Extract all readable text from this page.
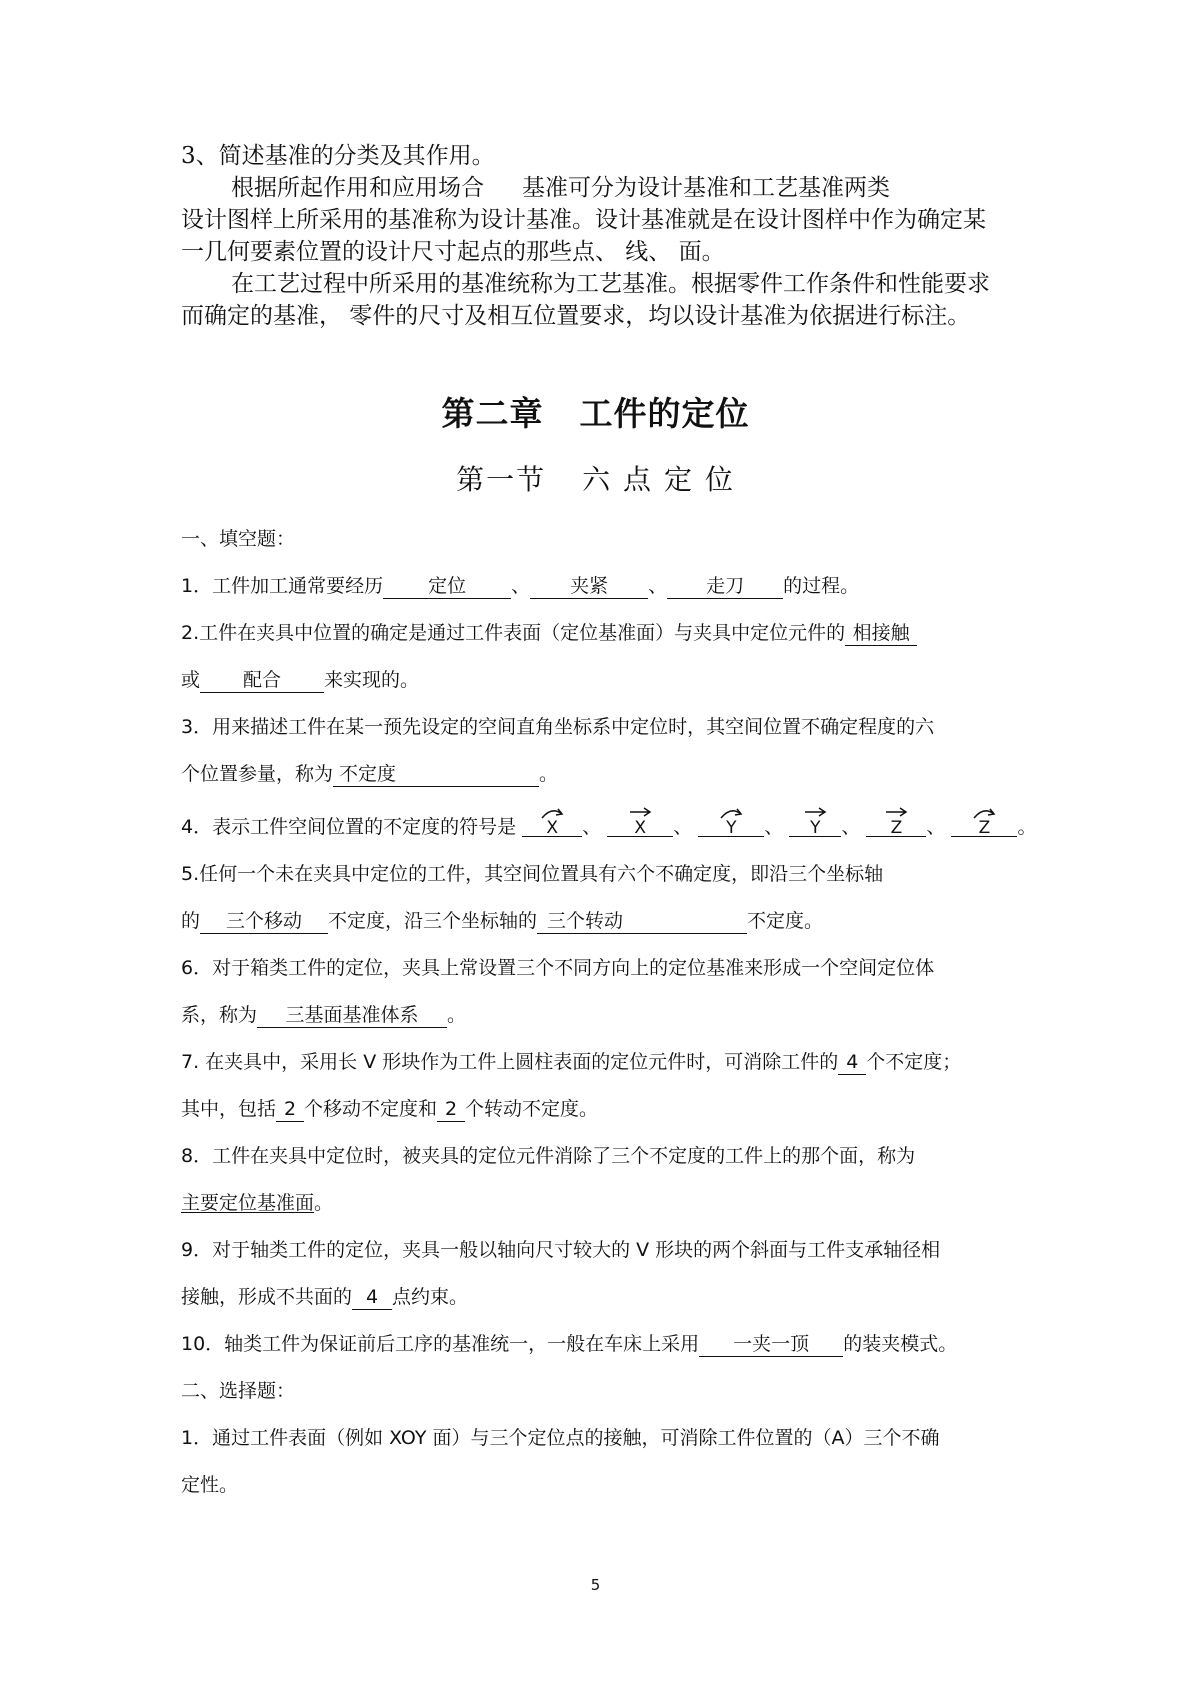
3、简述基准的分类及其作用。

根据所起作用和应用场合 基准可分为设计基准和工艺基准两类

设计图样上所采用的基准称为设计基准。设计基准就是在设计图样中作为确定某

一几何要素位置的设计尺寸起点的那些点、 线、 面。

在工艺过程中所采用的基准统称为工艺基准。根据零件工作条件和性能要求

而确定的基准， 零件的尺寸及相互位置要求，均以设计基准为依据进行标注。

第二章 工件的定位
第一节 六 点 定 位
一、填空题：
1．工件加工通常要经历 定位 、 夹紧 、 走刀 的过程。
2.工件在夹具中位置的确定是通过工件表面（定位基准面）与夹具中定位元件的 相接触
或 配合 来实现的。
3．用来描述工件在某一预先设定的空间直角坐标系中定位时，其空间位置不确定程度的六
个位置参量，称为 不定度	。
4．表示工件空间位置的不定度的符号是 X 、 X 、 Y 、 Y 、 Z 、 Z 。
5.任何一个未在夹具中定位的工件，其空间位置具有六个不确定度，即沿三个坐标轴
的 三个移动 不定度，沿三个坐标轴的 三个转动	不定度。
6．对于箱类工件的定位，夹具上常设置三个不同方向上的定位基准来形成一个空间定位体
系，称为 三基面基准体系 。
7. 在夹具中，采用长 V 形块作为工件上圆柱表面的定位元件时，可消除工件的 4 个不定度；
其中，包括 2 个移动不定度和 2 个转动不定度。
8．工件在夹具中定位时，被夹具的定位元件消除了三个不定度的工件上的那个面，称为
主要定位基准面。
9．对于轴类工件的定位，夹具一般以轴向尺寸较大的 V 形块的两个斜面与工件支承轴径相
接触，形成不共面的 4 点约束。
10．轴类工件为保证前后工序的基准统一，一般在车床上采用 一夹一顶 的装夹模式。
二、选择题：
1．通过工件表面（例如 XOY 面）与三个定位点的接触，可消除工件位置的（A）三个不确
定性。
5
